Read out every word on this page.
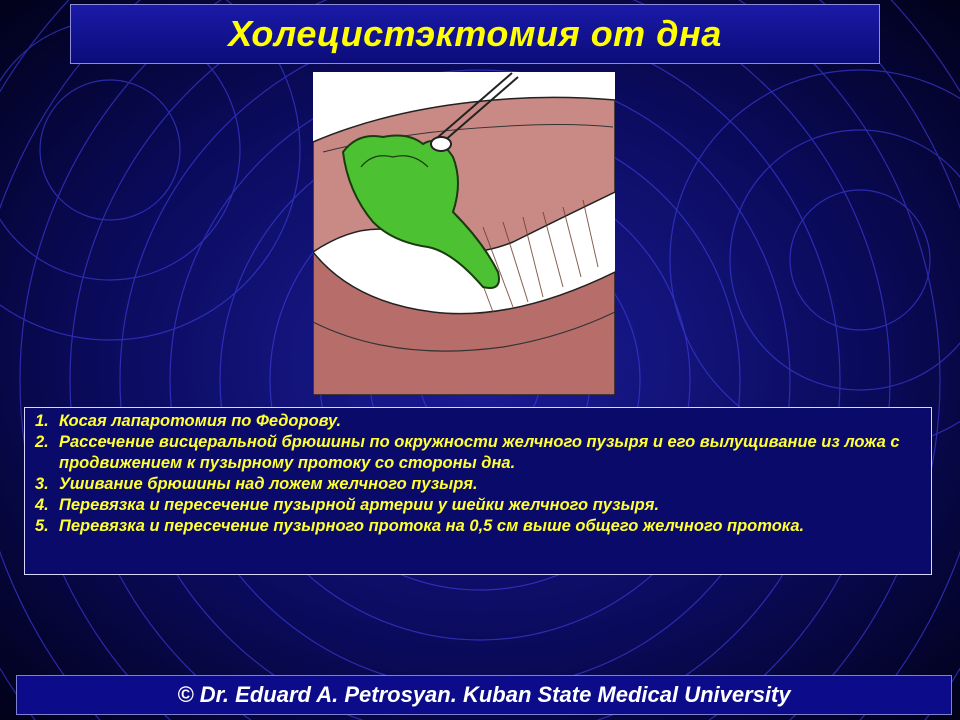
Холецистэктомия от дна
1. Косая лапаротомия по Федорову.
2. Рассечение висцеральной брюшины по окружности желчного пузыря и его вылущивание из ложа с продвижением к пузырному протоку со стороны дна.
3. Ушивание брюшины над ложем желчного пузыря.
4. Перевязка и пересечение пузырной артерии у шейки желчного пузыря.
5. Перевязка и пересечение пузырного протока на 0,5 см выше общего желчного протока.
© Dr. Eduard A. Petrosyan. Kuban State Medical University
